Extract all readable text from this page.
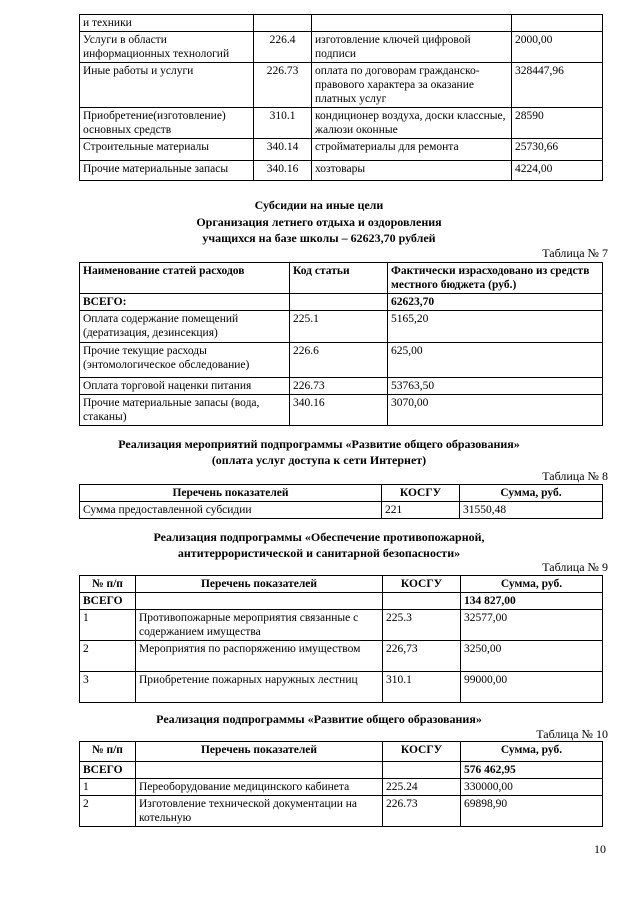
и техники			
Услуги в области информационных технологий	226.4	изготовление ключей цифровой подписи	2000,00
Иные работы и услуги	226.73	оплата по договорам гражданско-правового характера за оказание платных услуг	328447,96
Приобретение(изготовление) основных средств	310.1	кондиционер воздуха, доски классные, жалюзи оконные	28590
Строительные материалы	340.14	стройматериалы для ремонта	25730,66
Прочие материальные запасы	340.16	хозтовары	4224,00
Субсидии на иные цели
Организация летнего отдыха и оздоровления
учащихся на базе школы – 62623,70 рублей
Таблица № 7
Наименование статей расходов	Код статьи	Фактически израсходовано из средств местного бюджета (руб.)
ВСЕГО:		62623,70
Оплата содержание помещений (дератизация, дезинсекция)	225.1	5165,20
Прочие текущие расходы (энтомологическое обследование)	226.6	625,00
Оплата торговой наценки питания	226.73	53763,50
Прочие материальные запасы (вода, стаканы)	340.16	3070,00
Реализация мероприятий подпрограммы «Развитие общего образования»
(оплата услуг доступа к сети Интернет)
Таблица № 8
Перечень показателей	КОСГУ	Сумма, руб.
Сумма предоставленной субсидии	221	31550,48
Реализация подпрограммы «Обеспечение противопожарной,
антитеррористической и санитарной безопасности»
Таблица № 9
№ п/п	Перечень показателей	КОСГУ	Сумма, руб.
ВСЕГО			134 827,00
1	Противопожарные мероприятия связанные с содержанием имущества	225.3	32577,00
2	Мероприятия по распоряжению имуществом	226,73	3250,00
3	Приобретение пожарных наружных лестниц	310.1	99000,00
Реализация подпрограммы «Развитие общего образования»
Таблица № 10
№ п/п	Перечень показателей	КОСГУ	Сумма, руб.
ВСЕГО			576 462,95
1	Переоборудование медицинского кабинета	225.24	330000,00
2	Изготовление технической документации на котельную	226.73	69898,90
10
